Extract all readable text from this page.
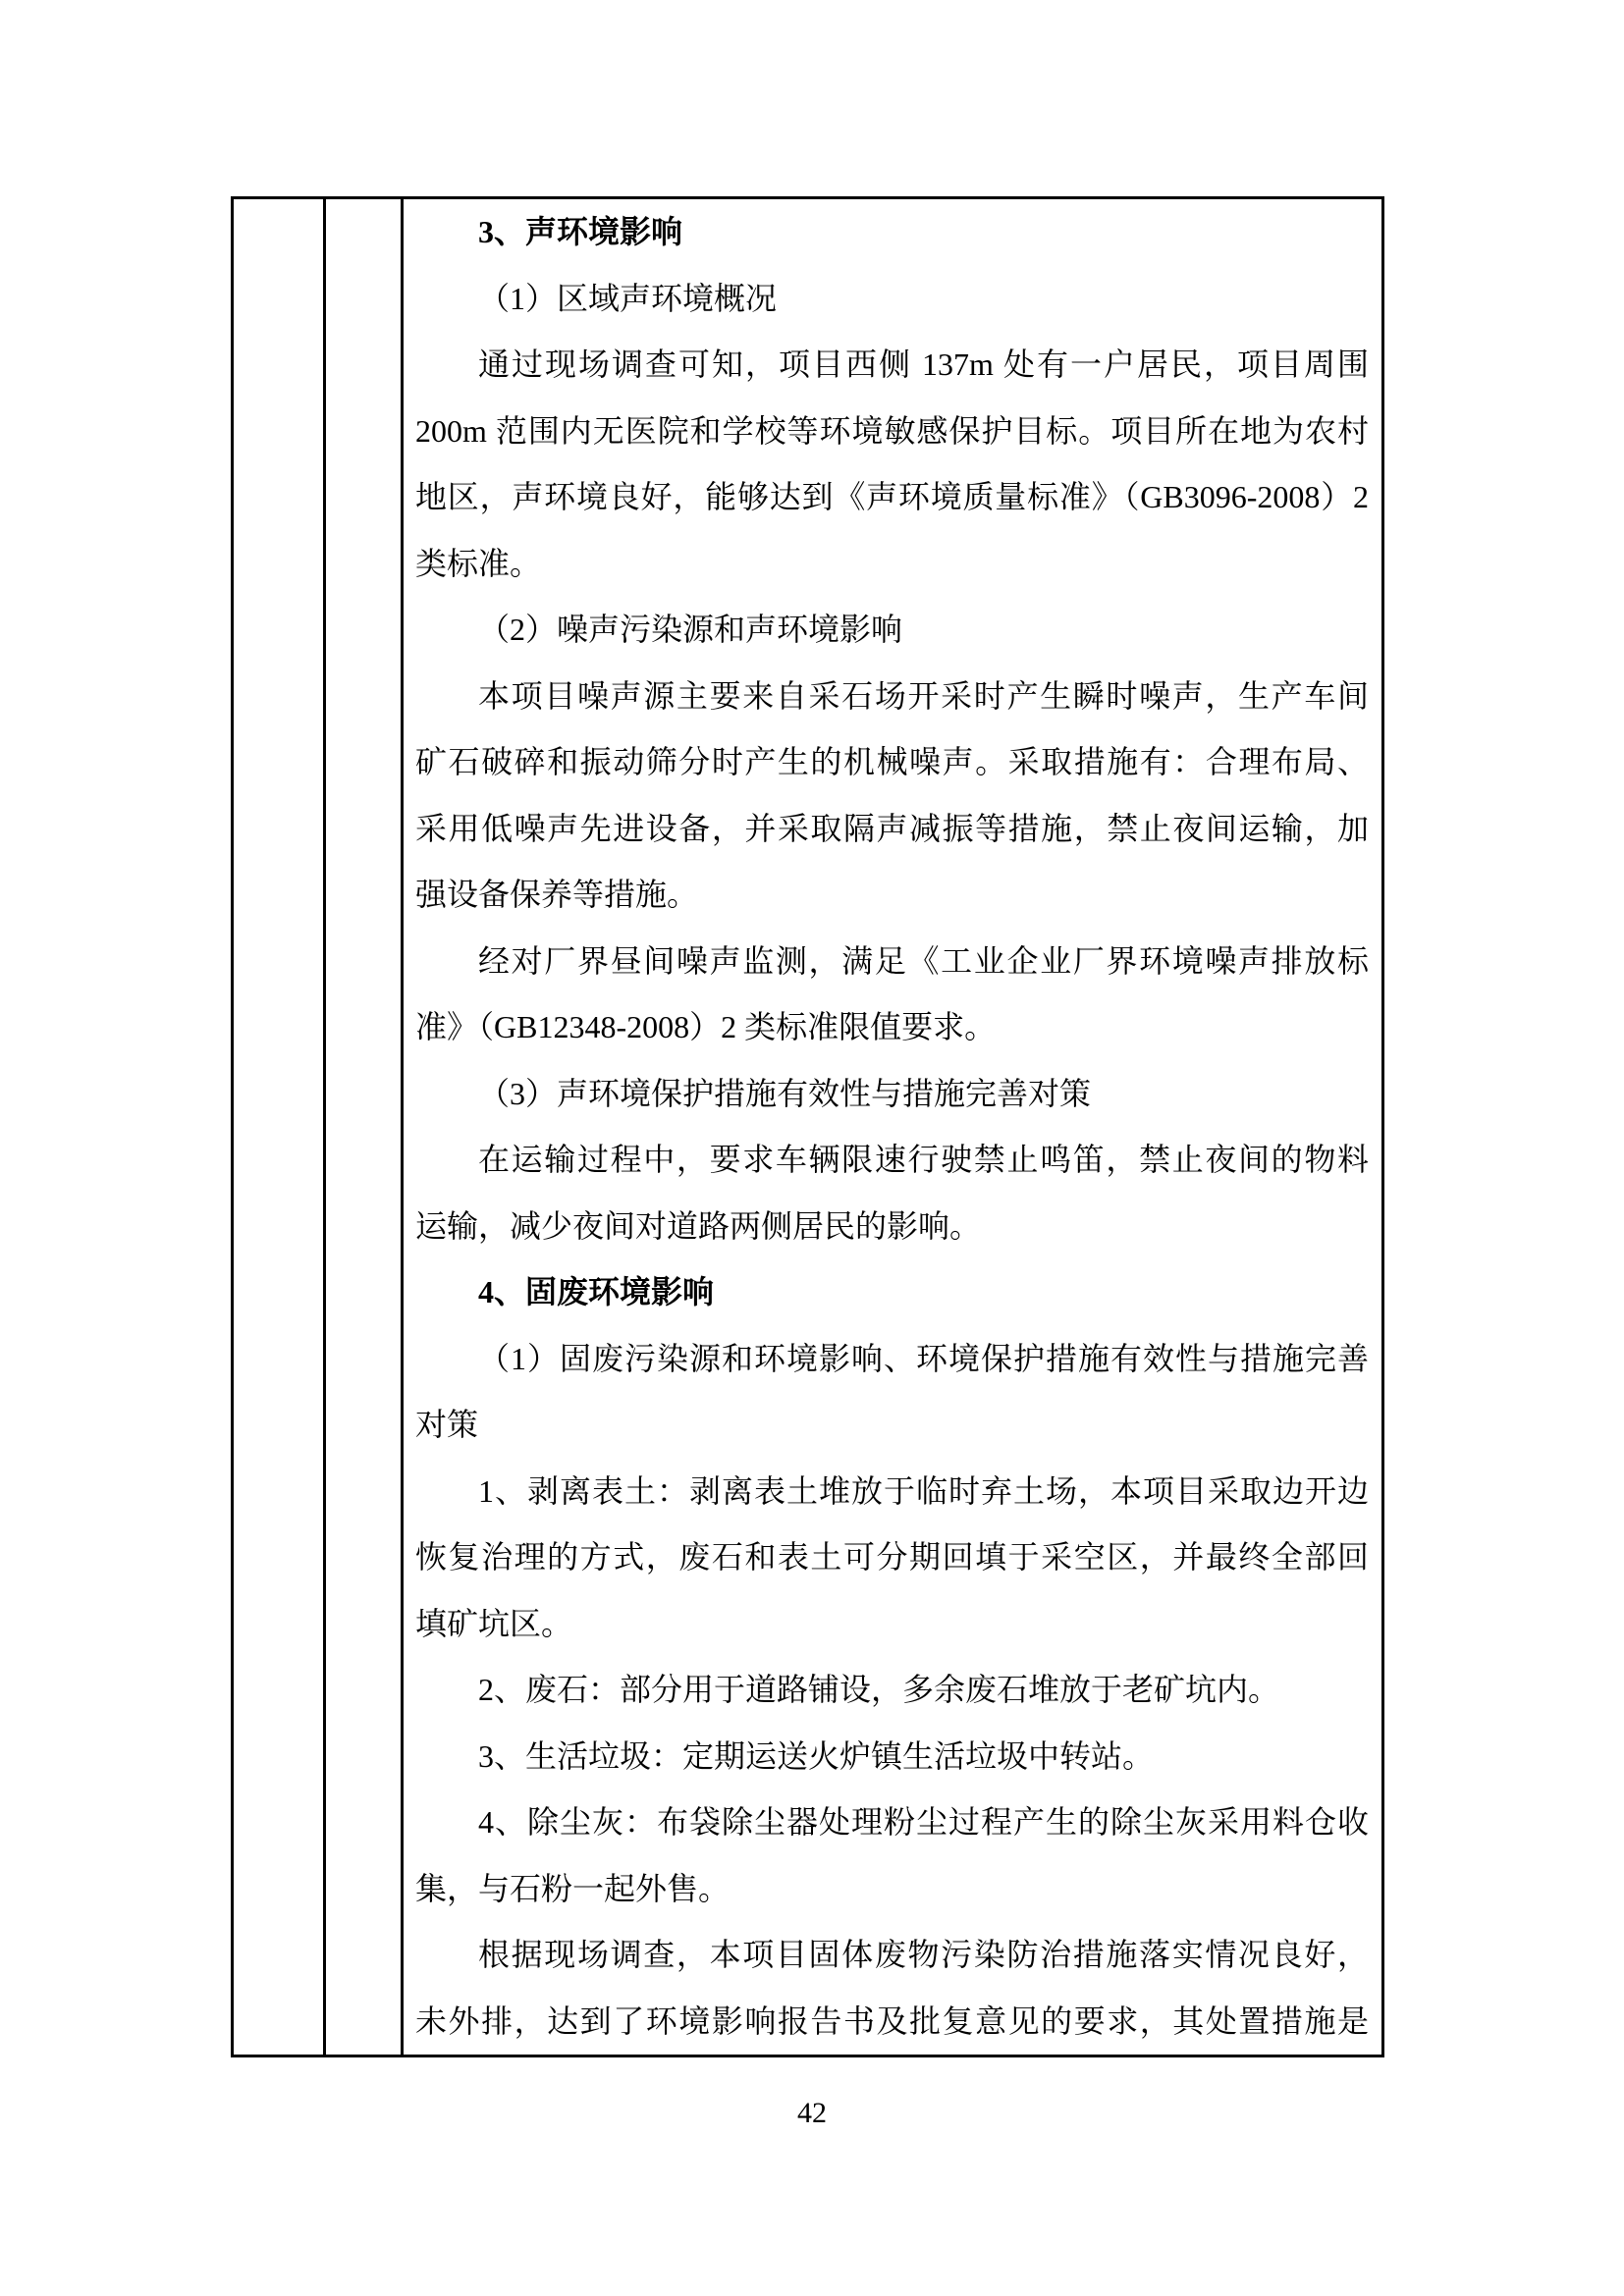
3、声环境影响
（1）区域声环境概况
通过现场调查可知，项目西侧 137m 处有一户居民，项目周围
200m 范围内无医院和学校等环境敏感保护目标。项目所在地为农村
地区，声环境良好，能够达到《声环境质量标准》（GB3096-2008）2
类标准。
（2）噪声污染源和声环境影响
本项目噪声源主要来自采石场开采时产生瞬时噪声，生产车间
矿石破碎和振动筛分时产生的机械噪声。采取措施有：合理布局、
采用低噪声先进设备，并采取隔声减振等措施，禁止夜间运输，加
强设备保养等措施。
经对厂界昼间噪声监测，满足《工业企业厂界环境噪声排放标
准》（GB12348-2008）2 类标准限值要求。
（3）声环境保护措施有效性与措施完善对策
在运输过程中，要求车辆限速行驶禁止鸣笛，禁止夜间的物料
运输，减少夜间对道路两侧居民的影响。
4、固废环境影响
（1）固废污染源和环境影响、环境保护措施有效性与措施完善
对策
1、剥离表土：剥离表土堆放于临时弃土场，本项目采取边开边
恢复治理的方式，废石和表土可分期回填于采空区，并最终全部回
填矿坑区。
2、废石：部分用于道路铺设，多余废石堆放于老矿坑内。
3、生活垃圾：定期运送火炉镇生活垃圾中转站。
4、除尘灰：布袋除尘器处理粉尘过程产生的除尘灰采用料仓收
集，与石粉一起外售。
根据现场调查，本项目固体废物污染防治措施落实情况良好，
未外排，达到了环境影响报告书及批复意见的要求，其处置措施是
42
